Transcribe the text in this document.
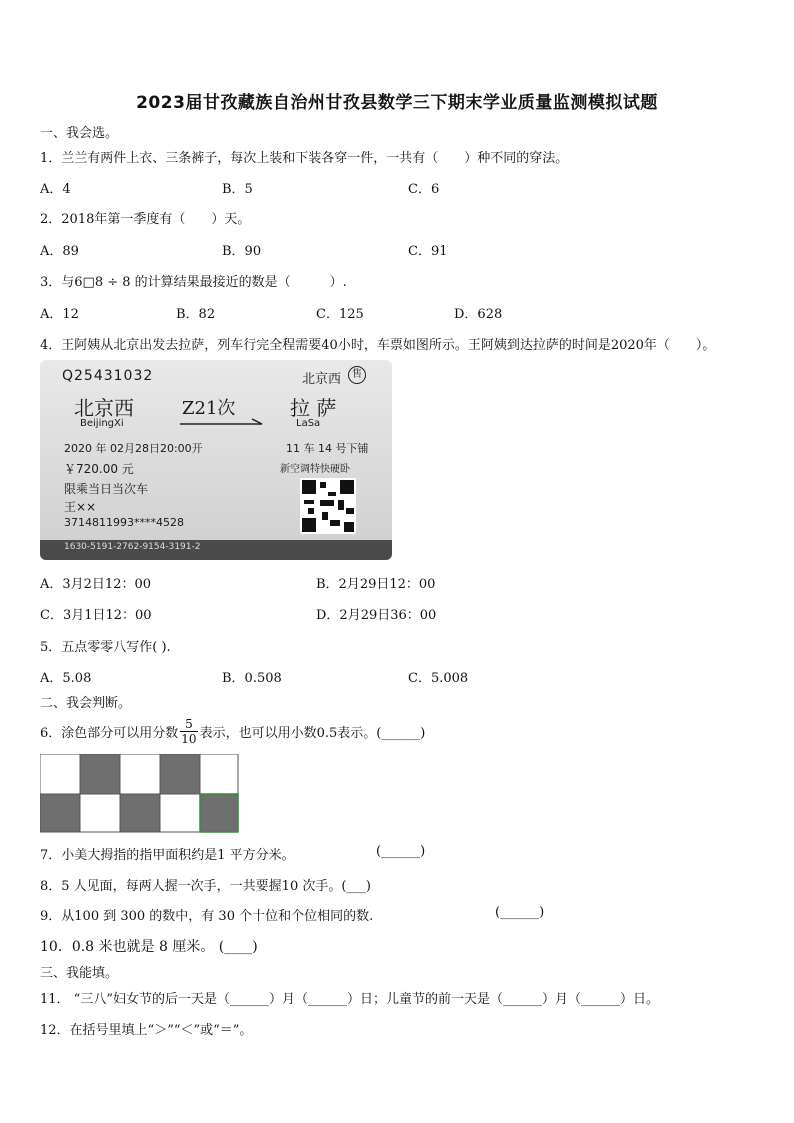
2023届甘孜藏族自治州甘孜县数学三下期末学业质量监测模拟试题
一、我会选。
1．兰兰有两件上衣、三条裤子，每次上装和下装各穿一件，一共有（　　）种不同的穿法。
A．4	B．5	C．6
2．2018年第一季度有（　　）天。
A．89	B．90	C．91
3．与6□8 ÷ 8 的计算结果最接近的数是（　　　）.
A．12	B．82	C．125	D．628
4．王阿姨从北京出发去拉萨，列车行完全程需要40小时，车票如图所示。王阿姨到达拉萨的时间是2020年（　　）。
Q25431032	北京西	售
北京西
BeijingXi
Z21次	拉 萨
LaSa
2020 年 02月28日20:00开	11 车 14 号下铺
￥720.00 元	新空调特快硬卧
限乘当日当次车
王××
3714811993****4528
1630-5191-2762-9154-3191-2
A．3月2日12：00	B．2月29日12：00
C．3月1日12：00	D．2月29日36：00
5．五点零零八写作( ).
A．5.08	B．0.508	C．5.008
二、我会判断。
6．涂色部分可以用分数 $\frac{5}{10}$ 表示，也可以用小数0.5表示。(______)
7．小美大拇指的指甲面积约是1 平方分米。	(______)
8．5 人见面，每两人握一次手，一共要握10 次手。(___)
9．从100 到 300 的数中，有 30 个十位和个位相同的数.	(______)
10．0.8 米也就是 8 厘米。 (____)
三、我能填。
11． “三八”妇女节的后一天是（______）月（______）日；儿童节的前一天是（______）月（______）日。
12．在括号里填上“＞”“＜”或“＝”。
